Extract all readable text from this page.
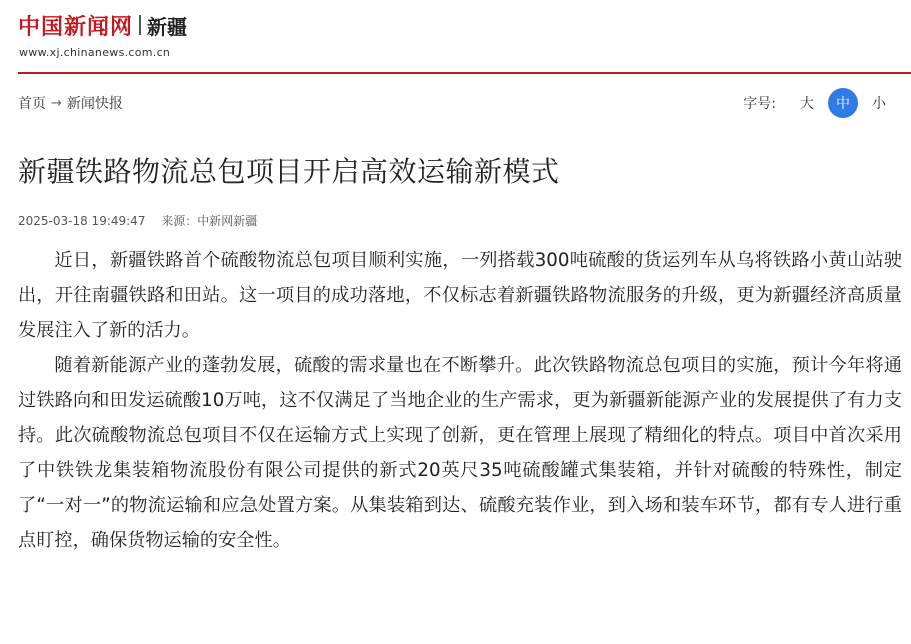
中国新闻网 新疆
www.xj.chinanews.com.cn
首页 → 新闻快报	字号:	大	中	小
新疆铁路物流总包项目开启高效运输新模式
2025-03-18 19:49:47 来源：中新网新疆

近日，新疆铁路首个硫酸物流总包项目顺利实施，一列搭载300吨硫酸的货运列车从乌将铁路小黄山站驶出，开往南疆铁路和田站。这一项目的成功落地，不仅标志着新疆铁路物流服务的升级，更为新疆经济高质量发展注入了新的活力。

随着新能源产业的蓬勃发展，硫酸的需求量也在不断攀升。此次铁路物流总包项目的实施，预计今年将通过铁路向和田发运硫酸10万吨，这不仅满足了当地企业的生产需求，更为新疆新能源产业的发展提供了有力支持。此次硫酸物流总包项目不仅在运输方式上实现了创新，更在管理上展现了精细化的特点。项目中首次采用了中铁铁龙集装箱物流股份有限公司提供的新式20英尺35吨硫酸罐式集装箱，并针对硫酸的特殊性，制定了“一对一”的物流运输和应急处置方案。从集装箱到达、硫酸充装作业，到入场和装车环节，都有专人进行重点盯控，确保货物运输的安全性。
